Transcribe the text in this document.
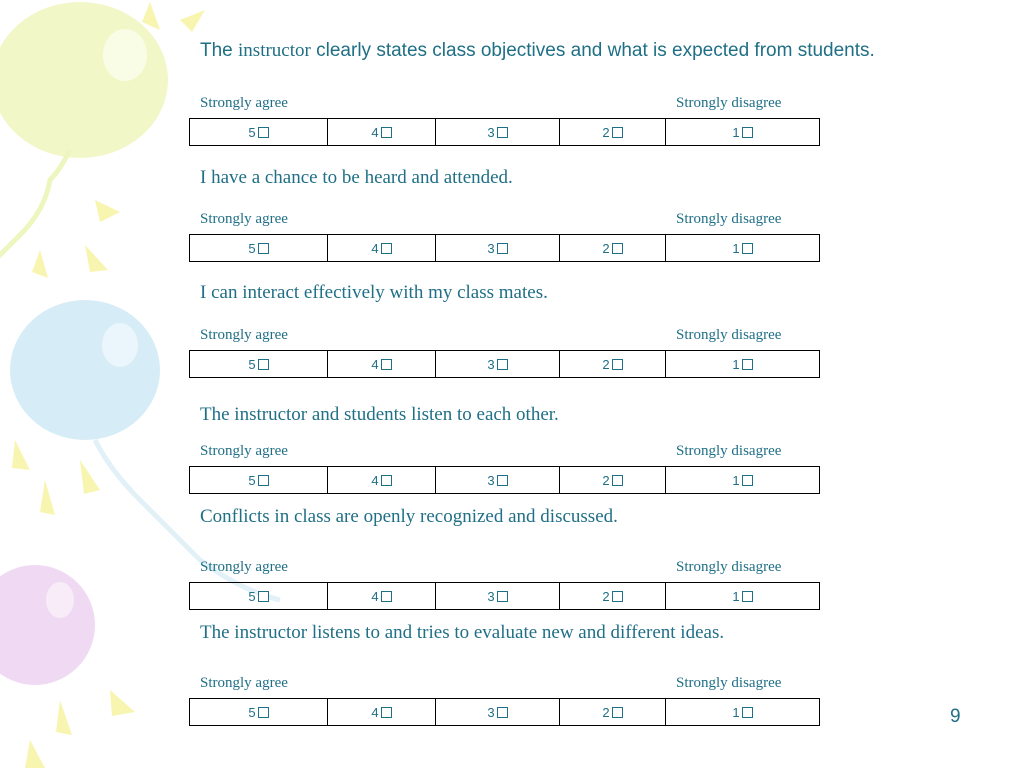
The instructor clearly states class objectives and what is expected from students.
Strongly agree	Strongly disagree
5	4	3	2	1
I have a chance to be heard and attended.
Strongly agree	Strongly disagree
5	4	3	2	1
I can interact effectively with my class mates.
Strongly agree	Strongly disagree
5	4	3	2	1
The instructor and students listen to each other.
Strongly agree	Strongly disagree
5	4	3	2	1
Conflicts in class are openly recognized and discussed.
Strongly agree	Strongly disagree
5	4	3	2	1
The instructor listens to and tries to evaluate new and different ideas.
Strongly agree	Strongly disagree
5	4	3	2	1	9
